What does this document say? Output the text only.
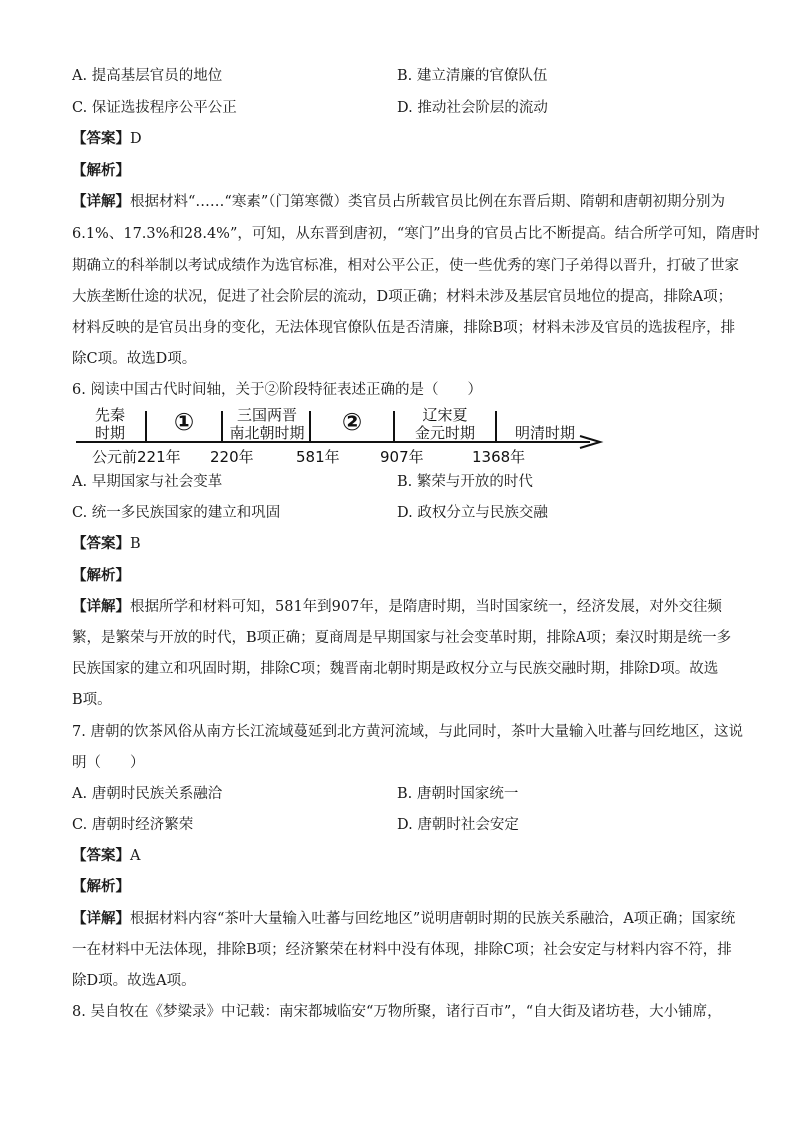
A. 提高基层官员的地位	B. 建立清廉的官僚队伍
C. 保证选拔程序公平公正	D. 推动社会阶层的流动
【答案】D
【解析】
【详解】根据材料“……“寒素”（门第寒微）类官员占所载官员比例在东晋后期、隋朝和唐朝初期分别为
6.1%、17.3%和28.4%”，可知，从东晋到唐初，“寒门”出身的官员占比不断提高。结合所学可知，隋唐时
期确立的科举制以考试成绩作为选官标准，相对公平公正，使一些优秀的寒门子弟得以晋升，打破了世家
大族垄断仕途的状况，促进了社会阶层的流动，D项正确；材料未涉及基层官员地位的提高，排除A项；
材料反映的是官员出身的变化，无法体现官僚队伍是否清廉，排除B项；材料未涉及官员的选拔程序，排
除C项。故选D项。
6. 阅读中国古代时间轴，关于②阶段特征表述正确的是（　　）
先秦
时期	①	三国两晋
南北朝时期	②	辽宋夏
金元时期	明清时期
公元前221年 220年	581年	907年	1368年
A. 早期国家与社会变革	B. 繁荣与开放的时代
C. 统一多民族国家的建立和巩固	D. 政权分立与民族交融
【答案】B
【解析】
【详解】根据所学和材料可知，581年到907年，是隋唐时期，当时国家统一，经济发展，对外交往频
繁，是繁荣与开放的时代，B项正确；夏商周是早期国家与社会变革时期，排除A项；秦汉时期是统一多
民族国家的建立和巩固时期，排除C项；魏晋南北朝时期是政权分立与民族交融时期，排除D项。故选
B项。
7. 唐朝的饮茶风俗从南方长江流域蔓延到北方黄河流域，与此同时，茶叶大量输入吐蕃与回纥地区，这说
明（　　）
A. 唐朝时民族关系融洽	B. 唐朝时国家统一
C. 唐朝时经济繁荣	D. 唐朝时社会安定
【答案】A
【解析】
【详解】根据材料内容“茶叶大量输入吐蕃与回纥地区”说明唐朝时期的民族关系融洽，A项正确；国家统
一在材料中无法体现，排除B项；经济繁荣在材料中没有体现，排除C项；社会安定与材料内容不符，排
除D项。故选A项。
8. 吴自牧在《梦粱录》中记载：南宋都城临安“万物所聚，诸行百市”，“自大街及诸坊巷，大小铺席，
